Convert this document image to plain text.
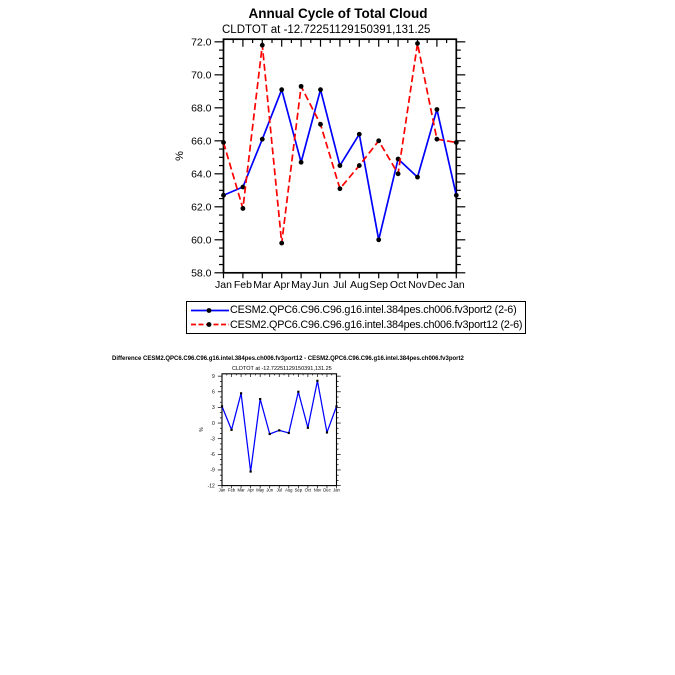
Annual Cycle of Total Cloud
CLDTOT at -12.72251129150391,131.25
58.0
60.0
62.0
64.0
66.0
68.0
70.0
72.0
Jan Feb Mar Apr May Jun Jul Aug Sep Oct Nov Dec Jan
%
CESM2.QPC6.C96.C96.g16.intel.384pes.ch006.fv3port2 (2-6)
CESM2.QPC6.C96.C96.g16.intel.384pes.ch006.fv3port12 (2-6)
Difference CESM2.QPC6.C96.C96.g16.intel.384pes.ch006.fv3port12 - CESM2.QPC6.C96.C96.g16.intel.384pes.ch006.fv3port2
CLDTOT at -12.72251129150391,131.25
-12
-9
-6
-3
0
3
6
9
Jan Feb Mar Apr May Jun Jul Aug Sep Oct Nov Dec Jan
%
